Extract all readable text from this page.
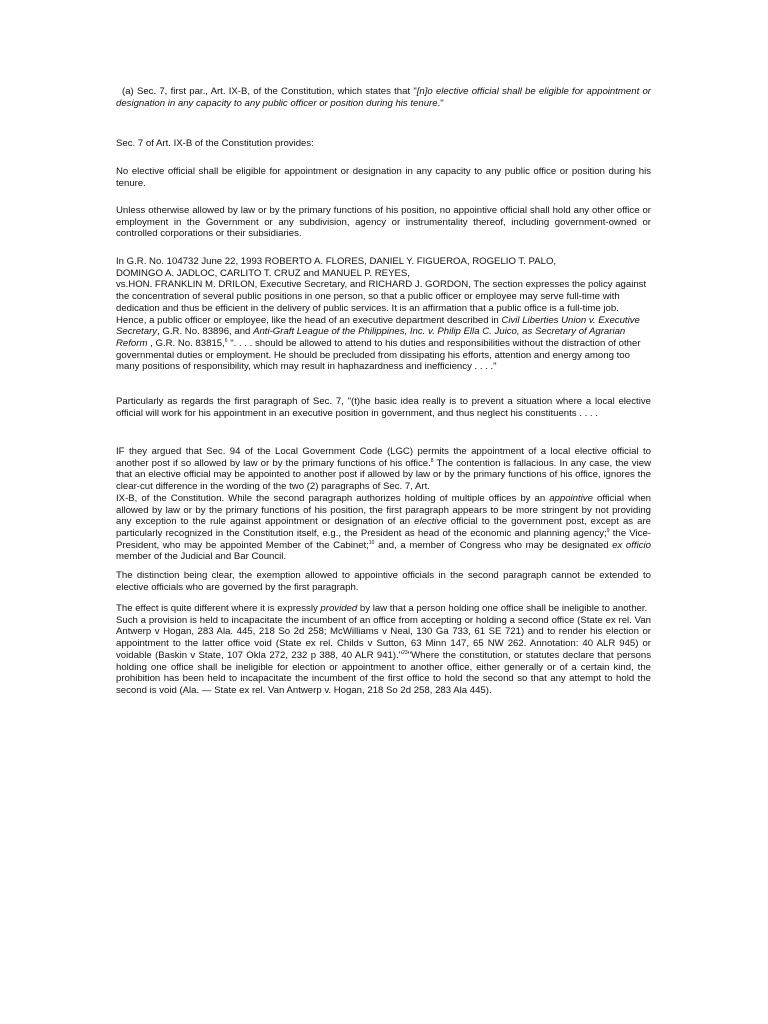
(a) Sec. 7, first par., Art. IX-B, of the Constitution, which states that "[n]o elective official shall be eligible for appointment or designation in any capacity to any public officer or position during his tenure."

Sec. 7 of Art. IX-B of the Constitution provides:

No elective official shall be eligible for appointment or designation in any capacity to any public office or position during his tenure.

Unless otherwise allowed by law or by the primary functions of his position, no appointive official shall hold any other office or employment in the Government or any subdivision, agency or instrumentality thereof, including government-owned or controlled corporations or their subsidiaries.

In G.R. No. 104732 June 22, 1993 ROBERTO A. FLORES, DANIEL Y. FIGUEROA, ROGELIO T. PALO,
DOMINGO A. JADLOC, CARLITO T. CRUZ and MANUEL P. REYES,
vs.HON. FRANKLIN M. DRILON, Executive Secretary, and RICHARD J. GORDON, The section expresses the policy against the concentration of several public positions in one person, so that a public officer or employee may serve full-time with dedication and thus be efficient in the delivery of public services. It is an affirmation that a public office is a full-time job. Hence, a public officer or employee, like the head of an executive department described in Civil Liberties Union v. Executive Secretary, G.R. No. 83896, and Anti-Graft League of the Philippines, Inc. v. Philip Ella C. Juico, as Secretary of Agrarian Reform , G.R. No. 83815,$^6$ ". . . . should be allowed to attend to his duties and responsibilities without the distraction of other governmental duties or employment. He should be precluded from dissipating his efforts, attention and energy among too many positions of responsibility, which may result in haphazardness and inefficiency . . . ."

Particularly as regards the first paragraph of Sec. 7, "(t)he basic idea really is to prevent a situation where a local elective official will work for his appointment in an executive position in government, and thus neglect his constituents . . . .

IF they argued that Sec. 94 of the Local Government Code (LGC) permits the appointment of a local elective official to another post if so allowed by law or by the primary functions of his office.$^8$ The contention is fallacious. In any case, the view that an elective official may be appointed to another post if allowed by law or by the primary functions of his office, ignores the clear-cut difference in the wording of the two (2) paragraphs of Sec. 7, Art.
IX-B, of the Constitution. While the second paragraph authorizes holding of multiple offices by an appointive official when allowed by law or by the primary functions of his position, the first paragraph appears to be more stringent by not providing any exception to the rule against appointment or designation of an elective official to the government post, except as are particularly recognized in the Constitution itself, e.g., the President as head of the economic and planning agency;$^9$ the Vice-President, who may be appointed Member of the Cabinet;$^{10}$ and, a member of Congress who may be designated ex officio member of the Judicial and Bar Council.

The distinction being clear, the exemption allowed to appointive officials in the second paragraph cannot be extended to elective officials who are governed by the first paragraph.

The effect is quite different where it is expressly provided by law that a person holding one office shall be ineligible to another.
Such a provision is held to incapacitate the incumbent of an office from accepting or holding a second office (State ex rel. Van Antwerp v Hogan, 283 Ala. 445, 218 So 2d 258; McWilliams v Neal, 130 Ga 733, 61 SE 721) and to render his election or appointment to the latter office void (State ex rel. Childs v Sutton, 63 Minn 147, 65 NW 262. Annotation: 40 ALR 945) or voidable (Baskin v State, 107 Okla 272, 232 p 388, 40 ALR 941)."$^{23}$"Where the constitution, or statutes declare that persons holding one office shall be ineligible for election or appointment to another office, either generally or of a certain kind, the prohibition has been held to incapacitate the incumbent of the first office to hold the second so that any attempt to hold the second is void (Ala. — State ex rel. Van Antwerp v. Hogan, 218 So 2d 258, 283 Ala 445).
